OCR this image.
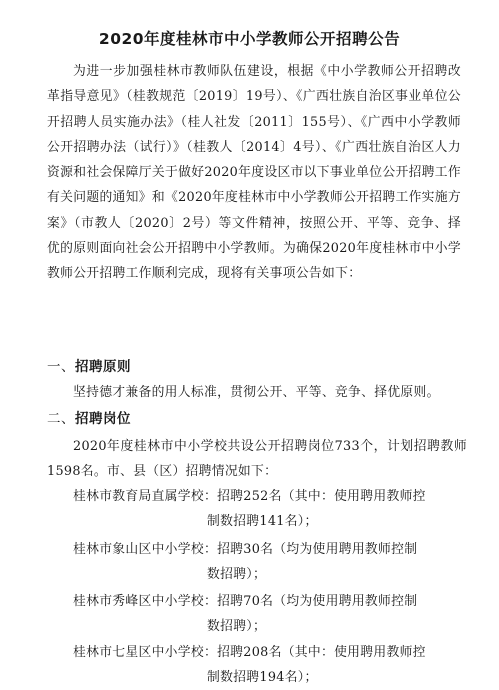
2020年度桂林市中小学教师公开招聘公告
为进一步加强桂林市教师队伍建设，根据《中小学教师公开招聘改革指导意见》（桂教规范〔2019〕19号）、《广西壮族自治区事业单位公开招聘人员实施办法》（桂人社发〔2011〕155号）、《广西中小学教师公开招聘办法（试行）》（桂教人〔2014〕4号）、《广西壮族自治区人力资源和社会保障厅关于做好2020年度设区市以下事业单位公开招聘工作有关问题的通知》和《2020年度桂林市中小学教师公开招聘工作实施方案》（市教人〔2020〕2号）等文件精神，按照公开、平等、竞争、择优的原则面向社会公开招聘中小学教师。为确保2020年度桂林市中小学教师公开招聘工作顺利完成，现将有关事项公告如下：
一、招聘原则
坚持德才兼备的用人标准，贯彻公开、平等、竞争、择优原则。
二、招聘岗位
2020年度桂林市中小学校共设公开招聘岗位733个，计划招聘教师1598名。市、县（区）招聘情况如下：
桂林市教育局直属学校：招聘252名（其中：使用聘用教师控
制数招聘141名）；
桂林市象山区中小学校：招聘30名（均为使用聘用教师控制
数招聘）；
桂林市秀峰区中小学校：招聘70名（均为使用聘用教师控制
数招聘）；
桂林市七星区中小学校：招聘208名（其中：使用聘用教师控
制数招聘194名）；
